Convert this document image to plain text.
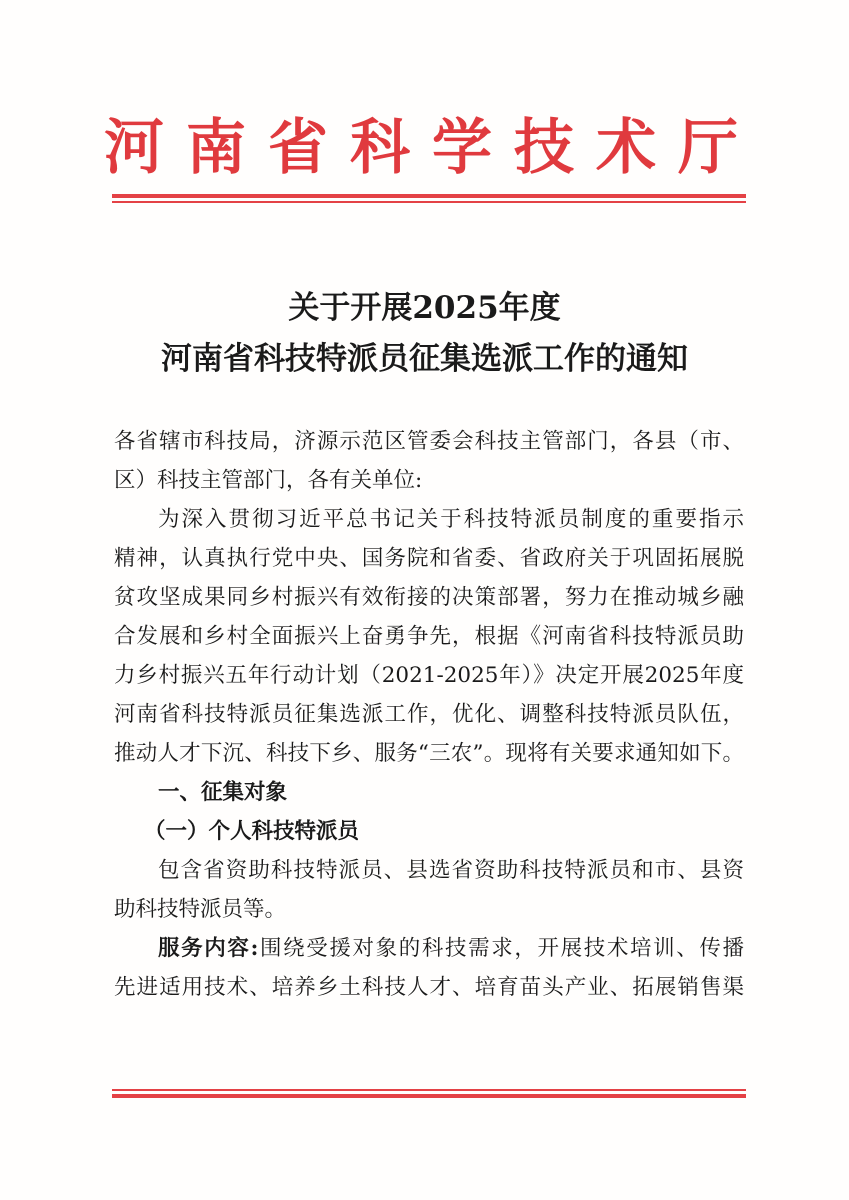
河南省科学技术厅
关于开展2025年度
河南省科技特派员征集选派工作的通知
各省辖市科技局，济源示范区管委会科技主管部门，各县（市、
区）科技主管部门，各有关单位:
为深入贯彻习近平总书记关于科技特派员制度的重要指示
精神，认真执行党中央、国务院和省委、省政府关于巩固拓展脱
贫攻坚成果同乡村振兴有效衔接的决策部署，努力在推动城乡融
合发展和乡村全面振兴上奋勇争先，根据《河南省科技特派员助
力乡村振兴五年行动计划（2021-2025年）》决定开展2025年度
河南省科技特派员征集选派工作，优化、调整科技特派员队伍，
推动人才下沉、科技下乡、服务“三农”。现将有关要求通知如下。
一、征集对象
（一）个人科技特派员
包含省资助科技特派员、县选省资助科技特派员和市、县资
助科技特派员等。
服务内容:围绕受援对象的科技需求，开展技术培训、传播
先进适用技术、培养乡土科技人才、培育苗头产业、拓展销售渠
